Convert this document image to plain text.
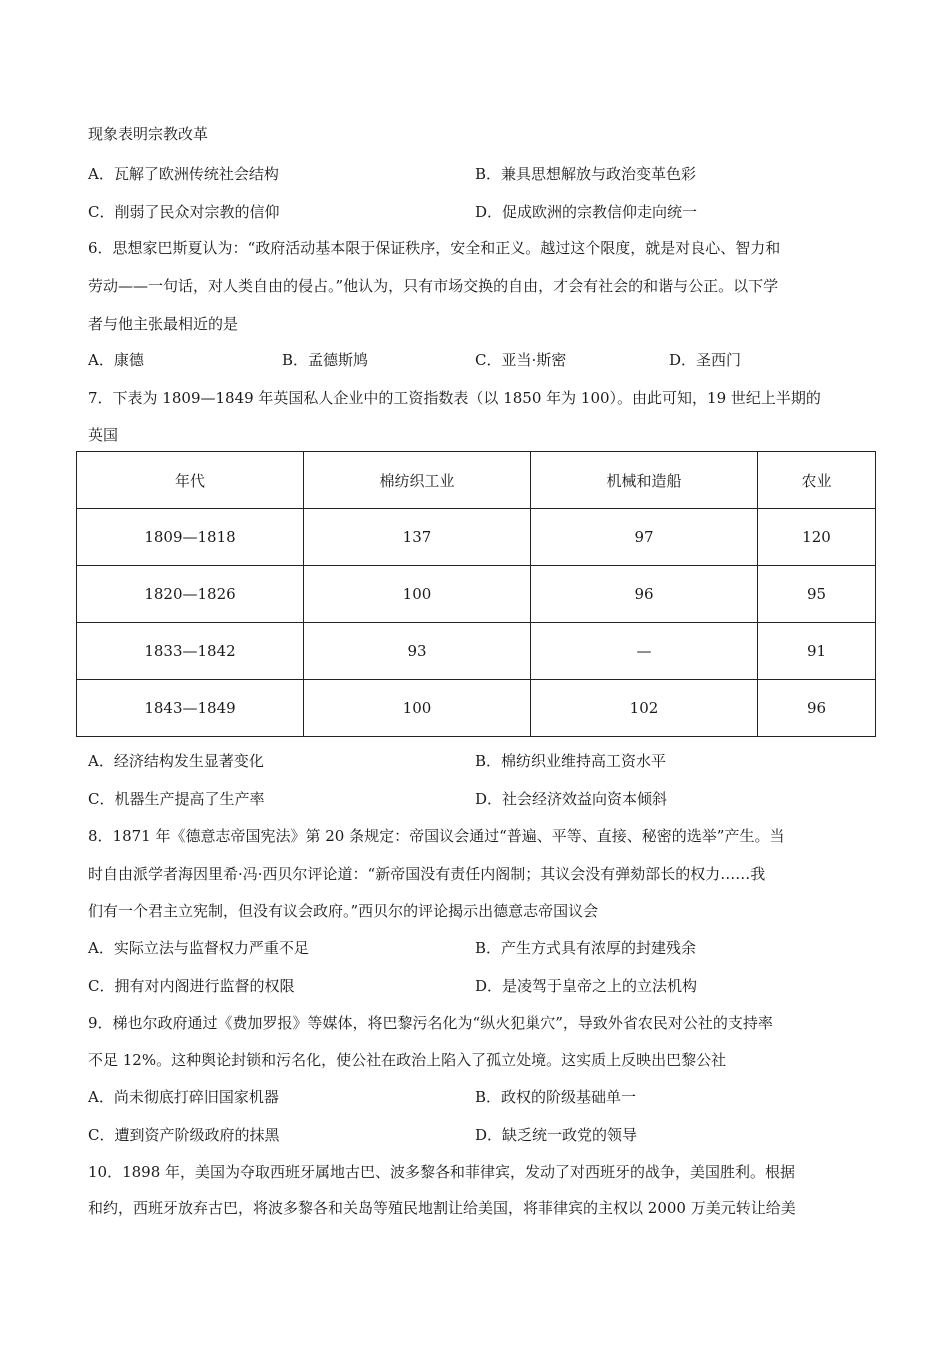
现象表明宗教改革
A．瓦解了欧洲传统社会结构	B．兼具思想解放与政治变革色彩
C．削弱了民众对宗教的信仰	D．促成欧洲的宗教信仰走向统一
6．思想家巴斯夏认为：“政府活动基本限于保证秩序，安全和正义。越过这个限度，就是对良心、智力和
劳动——一句话，对人类自由的侵占。”他认为，只有市场交换的自由，才会有社会的和谐与公正。以下学
者与他主张最相近的是
A．康德	B．孟德斯鸠	C．亚当·斯密	D．圣西门
7．下表为 1809—1849 年英国私人企业中的工资指数表（以 1850 年为 100）。由此可知，19 世纪上半期的
英国
年代	棉纺织工业	机械和造船	农业
1809—1818	137	97	120
1820—1826	100	96	95
1833—1842	93	—	91
1843—1849	100	102	96
A．经济结构发生显著变化	B．棉纺织业维持高工资水平
C．机器生产提高了生产率	D．社会经济效益向资本倾斜
8．1871 年《德意志帝国宪法》第 20 条规定：帝国议会通过“普遍、平等、直接、秘密的选举”产生。当
时自由派学者海因里希·冯·西贝尔评论道：“新帝国没有责任内阁制；其议会没有弹劾部长的权力……我
们有一个君主立宪制，但没有议会政府。”西贝尔的评论揭示出德意志帝国议会
A．实际立法与监督权力严重不足	B．产生方式具有浓厚的封建残余
C．拥有对内阁进行监督的权限	D．是凌驾于皇帝之上的立法机构
9．梯也尔政府通过《费加罗报》等媒体，将巴黎污名化为“纵火犯巢穴”，导致外省农民对公社的支持率
不足 12%。这种舆论封锁和污名化，使公社在政治上陷入了孤立处境。这实质上反映出巴黎公社
A．尚未彻底打碎旧国家机器	B．政权的阶级基础单一
C．遭到资产阶级政府的抹黑	D．缺乏统一政党的领导
10．1898 年，美国为夺取西班牙属地古巴、波多黎各和菲律宾，发动了对西班牙的战争，美国胜利。根据
和约，西班牙放弃古巴，将波多黎各和关岛等殖民地割让给美国，将菲律宾的主权以 2000 万美元转让给美
